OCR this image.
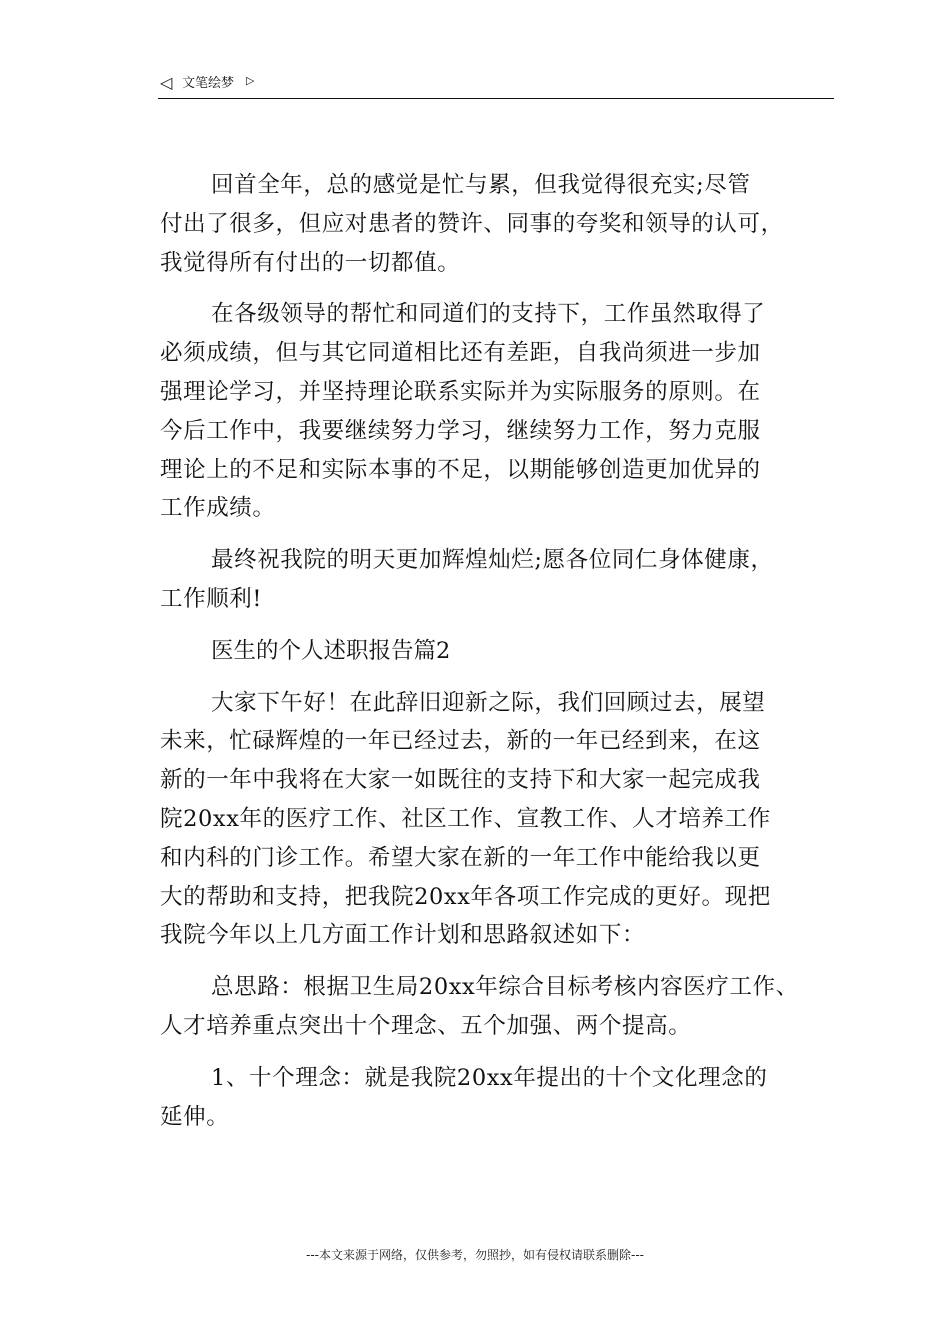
◁ 文笔绘梦 ▷

回首全年，总的感觉是忙与累，但我觉得很充实;尽管
付出了很多，但应对患者的赞许、同事的夸奖和领导的认可，
我觉得所有付出的一切都值。

在各级领导的帮忙和同道们的支持下，工作虽然取得了
必须成绩，但与其它同道相比还有差距，自我尚须进一步加
强理论学习，并坚持理论联系实际并为实际服务的原则。在
今后工作中，我要继续努力学习，继续努力工作，努力克服
理论上的不足和实际本事的不足，以期能够创造更加优异的
工作成绩。

最终祝我院的明天更加辉煌灿烂;愿各位同仁身体健康，
工作顺利!

医生的个人述职报告篇2

大家下午好！在此辞旧迎新之际，我们回顾过去，展望
未来，忙碌辉煌的一年已经过去，新的一年已经到来，在这
新的一年中我将在大家一如既往的支持下和大家一起完成我
院20xx年的医疗工作、社区工作、宣教工作、人才培养工作
和内科的门诊工作。希望大家在新的一年工作中能给我以更
大的帮助和支持，把我院20xx年各项工作完成的更好。现把
我院今年以上几方面工作计划和思路叙述如下：

总思路：根据卫生局20xx年综合目标考核内容医疗工作、
人才培养重点突出十个理念、五个加强、两个提高。

1、十个理念：就是我院20xx年提出的十个文化理念的
延伸。

---本文来源于网络，仅供参考，勿照抄，如有侵权请联系删除---
